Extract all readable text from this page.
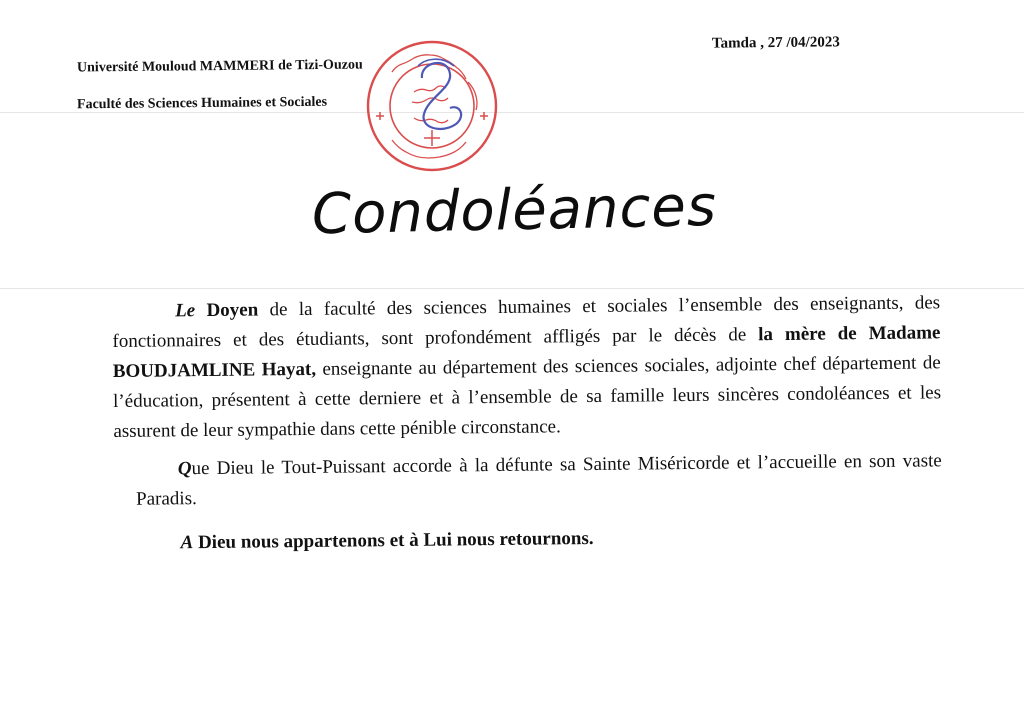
Tamda , 27 /04/2023
Université Mouloud MAMMERI de Tizi-Ouzou
Faculté des Sciences Humaines et Sociales
Condoléances

Le Doyen de la faculté des sciences humaines et sociales l’ensemble des enseignants, des fonctionnaires et des étudiants, sont profondément affligés par le décès de la mère de Madame BOUDJAMLINE Hayat, enseignante au département des sciences sociales, adjointe chef département de l’éducation, présentent à cette derniere et à l’ensemble de sa famille leurs sincères condoléances et les assurent de leur sympathie dans cette pénible circonstance.

Que Dieu le Tout-Puissant accorde à la défunte sa Sainte Miséricorde et l’accueille en son vaste Paradis.

A Dieu nous appartenons et à Lui nous retournons.
